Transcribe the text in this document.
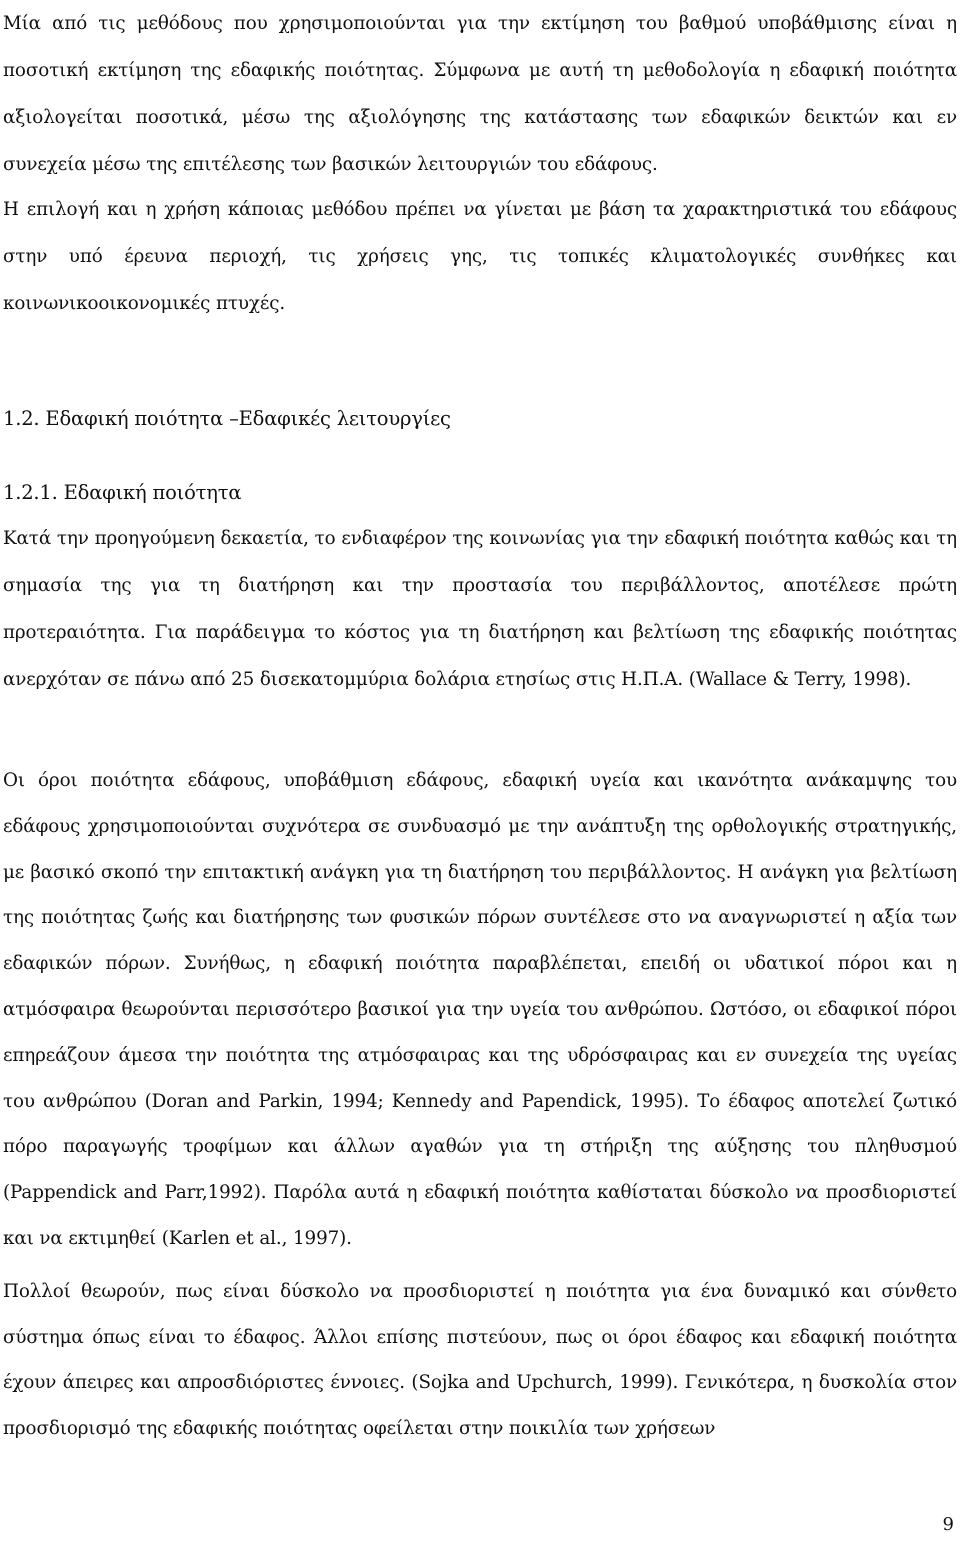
Μία από τις μεθόδους που χρησιμοποιούνται για την εκτίμηση του βαθμού υποβάθμισης είναι η ποσοτική εκτίμηση της εδαφικής ποιότητας. Σύμφωνα με αυτή τη μεθοδολογία η εδαφική ποιότητα αξιολογείται ποσοτικά, μέσω της αξιολόγησης της κατάστασης των εδαφικών δεικτών και εν συνεχεία μέσω της επιτέλεσης των βασικών λειτουργιών του εδάφους.

Η επιλογή και η χρήση κάποιας μεθόδου πρέπει να γίνεται με βάση τα χαρακτηριστικά του εδάφους στην υπό έρευνα περιοχή, τις χρήσεις γης, τις τοπικές κλιματολογικές συνθήκες και κοινωνικοοικονομικές πτυχές.

1.2. Εδαφική ποιότητα –Εδαφικές λειτουργίες
1.2.1. Εδαφική ποιότητα

Κατά την προηγούμενη δεκαετία, το ενδιαφέρον της κοινωνίας για την εδαφική ποιότητα καθώς και τη σημασία της για τη διατήρηση και την προστασία του περιβάλλοντος, αποτέλεσε πρώτη προτεραιότητα. Για παράδειγμα το κόστος για τη διατήρηση και βελτίωση της εδαφικής ποιότητας ανερχόταν σε πάνω από 25 δισεκατομμύρια δολάρια ετησίως στις Η.Π.Α. (Wallace & Terry, 1998).

Οι όροι ποιότητα εδάφους, υποβάθμιση εδάφους, εδαφική υγεία και ικανότητα ανάκαμψης του εδάφους χρησιμοποιούνται συχνότερα σε συνδυασμό με την ανάπτυξη της ορθολογικής στρατηγικής, με βασικό σκοπό την επιτακτική ανάγκη για τη διατήρηση του περιβάλλοντος. Η ανάγκη για βελτίωση της ποιότητας ζωής και διατήρησης των φυσικών πόρων συντέλεσε στο να αναγνωριστεί η αξία των εδαφικών πόρων. Συνήθως, η εδαφική ποιότητα παραβλέπεται, επειδή οι υδατικοί πόροι και η ατμόσφαιρα θεωρούνται περισσότερο βασικοί για την υγεία του ανθρώπου. Ωστόσο, οι εδαφικοί πόροι επηρεάζουν άμεσα την ποιότητα της ατμόσφαιρας και της υδρόσφαιρας και εν συνεχεία της υγείας του ανθρώπου (Doran and Parkin, 1994; Kennedy and Papendick, 1995). Το έδαφος αποτελεί ζωτικό πόρο παραγωγής τροφίμων και άλλων αγαθών για τη στήριξη της αύξησης του πληθυσμού (Pappendick and Parr,1992). Παρόλα αυτά η εδαφική ποιότητα καθίσταται δύσκολο να προσδιοριστεί και να εκτιμηθεί (Karlen et al., 1997).

Πολλοί θεωρούν, πως είναι δύσκολο να προσδιοριστεί η ποιότητα για ένα δυναμικό και σύνθετο σύστημα όπως είναι το έδαφος. Άλλοι επίσης πιστεύουν, πως οι όροι έδαφος και εδαφική ποιότητα έχουν άπειρες και απροσδιόριστες έννοιες. (Sojka and Upchurch, 1999). Γενικότερα, η δυσκολία στον προσδιορισμό της εδαφικής ποιότητας οφείλεται στην ποικιλία των χρήσεων

9
